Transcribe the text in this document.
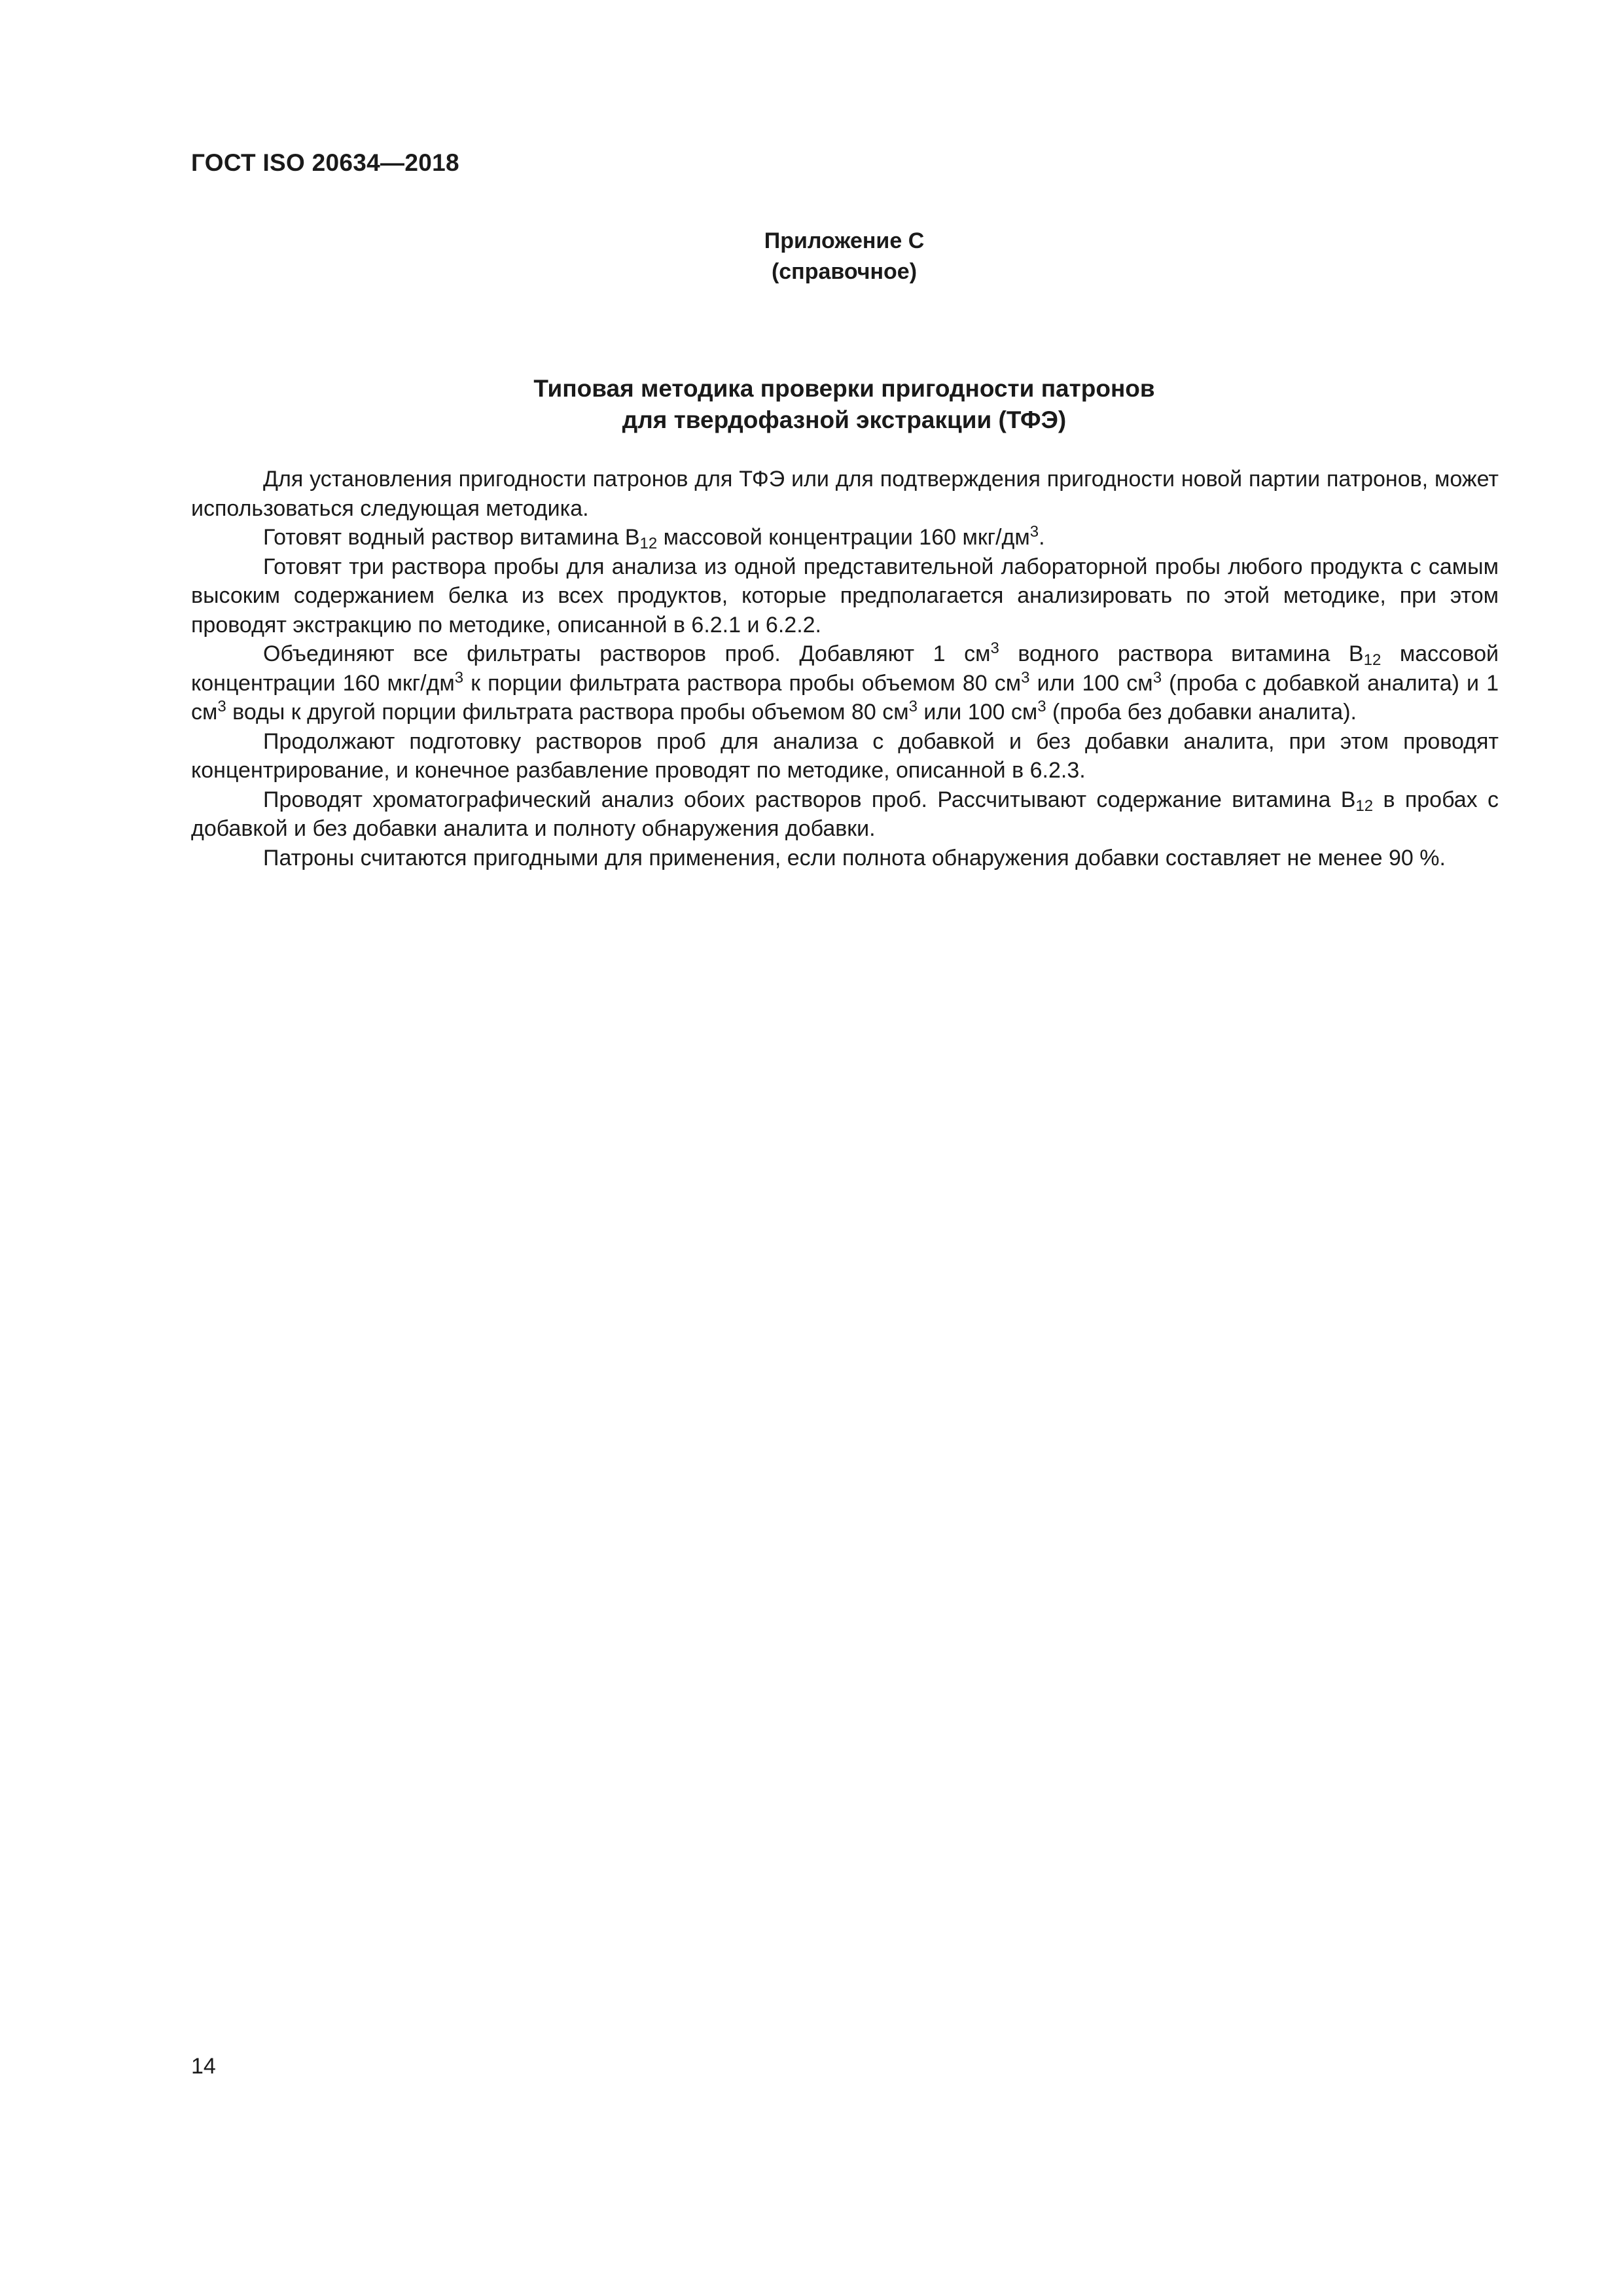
ГОСТ ISO 20634—2018
Приложение С
(справочное)
Типовая методика проверки пригодности патронов
для твердофазной экстракции (ТФЭ)

Для установления пригодности патронов для ТФЭ или для подтверждения пригодности новой партии патронов, может использоваться следующая методика.

Готовят водный раствор витамина $B_{12}$ массовой концентрации 160 мкг/$дм^3$.

Готовят три раствора пробы для анализа из одной представительной лабораторной пробы любого продукта с самым высоким содержанием белка из всех продуктов, которые предполагается анализировать по этой методике, при этом проводят экстракцию по методике, описанной в 6.2.1 и 6.2.2.

Объединяют все фильтраты растворов проб. Добавляют 1 $см^3$ водного раствора витамина $B_{12}$ массовой концентрации 160 мкг/$дм^3$ к порции фильтрата раствора пробы объемом 80 $см^3$ или 100 $см^3$ (проба с добавкой аналита) и 1 $см^3$ воды к другой порции фильтрата раствора пробы объемом 80 $см^3$ или 100 $см^3$ (проба без добавки аналита).

Продолжают подготовку растворов проб для анализа с добавкой и без добавки аналита, при этом проводят концентрирование, и конечное разбавление проводят по методике, описанной в 6.2.3.

Проводят хроматографический анализ обоих растворов проб. Рассчитывают содержание витамина $B_{12}$ в пробах с добавкой и без добавки аналита и полноту обнаружения добавки.

Патроны считаются пригодными для применения, если полнота обнаружения добавки составляет не менее 90 %.

14
